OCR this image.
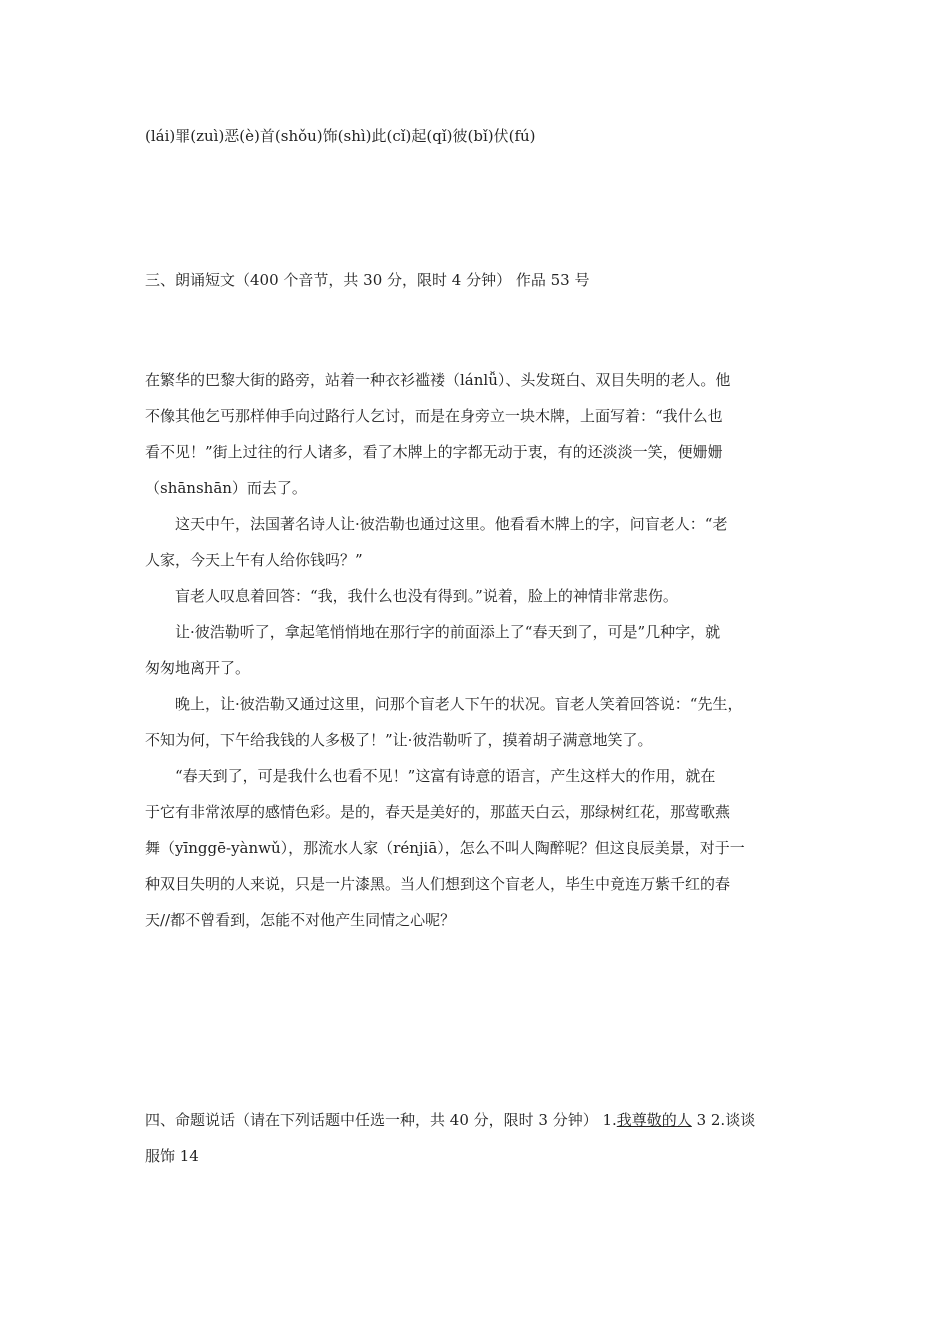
(lái)罪(zuì)恶(è)首(shǒu)饰(shì)此(cǐ)起(qǐ)彼(bǐ)伏(fú)
三、朗诵短文（400 个音节，共 30 分，限时 4 分钟） 作品 53 号
在繁华的巴黎大街的路旁，站着一种衣衫褴褛（lánlǚ）、头发斑白、双目失明的老人。他
不像其他乞丐那样伸手向过路行人乞讨，而是在身旁立一块木牌，上面写着：“我什么也
看不见！”街上过往的行人诸多，看了木牌上的字都无动于衷，有的还淡淡一笑，便姗姗
（shānshān）而去了。
这天中午，法国著名诗人让·彼浩勒也通过这里。他看看木牌上的字，问盲老人：“老
人家，今天上午有人给你钱吗？”
盲老人叹息着回答：“我，我什么也没有得到。”说着，脸上的神情非常悲伤。
让·彼浩勒听了，拿起笔悄悄地在那行字的前面添上了“春天到了，可是”几种字，就
匆匆地离开了。
晚上，让·彼浩勒又通过这里，问那个盲老人下午的状况。盲老人笑着回答说：“先生，
不知为何，下午给我钱的人多极了！”让·彼浩勒听了，摸着胡子满意地笑了。
“春天到了，可是我什么也看不见！”这富有诗意的语言，产生这样大的作用，就在
于它有非常浓厚的感情色彩。是的，春天是美好的，那蓝天白云，那绿树红花，那莺歌燕
舞（yīnggē-yànwǔ），那流水人家（rénjiā），怎么不叫人陶醉呢？但这良辰美景，对于一
种双目失明的人来说，只是一片漆黑。当人们想到这个盲老人，毕生中竟连万紫千红的春
天//都不曾看到，怎能不对他产生同情之心呢？
四、命题说话（请在下列话题中任选一种，共 40 分，限时 3 分钟） 1.我尊敬的人 3 2.谈谈
服饰 14
